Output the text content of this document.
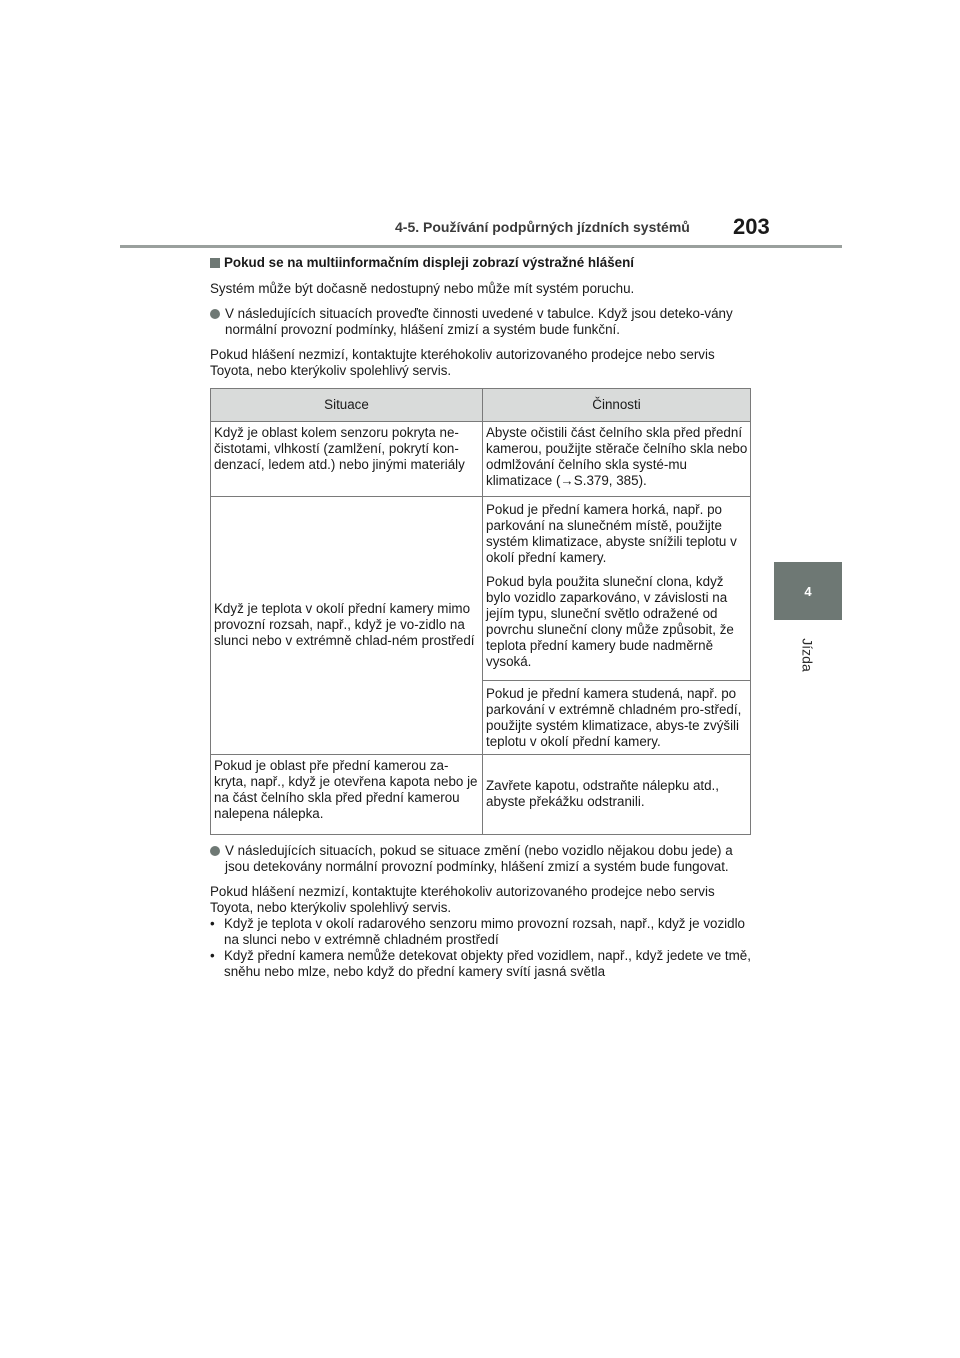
4-5. Používání podpůrných jízdních systémů 203
4
Jízda
Pokud se na multiinformačním displeji zobrazí výstražné hlášení

Systém může být dočasně nedostupný nebo může mít systém poruchu.

V následujících situacích proveďte činnosti uvedené v tabulce. Když jsou deteko-vány normální provozní podmínky, hlášení zmizí a systém bude funkční.

Pokud hlášení nezmizí, kontaktujte kteréhokoliv autorizovaného prodejce nebo servis Toyota, nebo kterýkoliv spolehlivý servis.

Situace	Činnosti
Když je oblast kolem senzoru pokryta ne-čistotami, vlhkostí (zamlžení, pokrytí kon-denzací, ledem atd.) nebo jinými materiály	Abyste očistili část čelního skla před přední kamerou, použijte stěrače čelního skla nebo odmlžování čelního skla systé-mu klimatizace (→S.379, 385).
Když je teplota v okolí přední kamery mimo provozní rozsah, např., když je vo-zidlo na slunci nebo v extrémně chlad-ném prostředí	Pokud je přední kamera horká, např. po parkování na slunečném místě, použijte systém klimatizace, abyste snížili teplotu v okolí přední kamery.
Pokud byla použita sluneční clona, když bylo vozidlo zaparkováno, v závislosti na jejím typu, sluneční světlo odražené od povrchu sluneční clony může způsobit, že teplota přední kamery bude nadměrně vysoká.
Pokud je přední kamera studená, např. po parkování v extrémně chladném pro-středí, použijte systém klimatizace, abys-te zvýšili teplotu v okolí přední kamery.

Pokud je oblast pře přední kamerou za-kryta, např., když je otevřena kapota nebo je na část čelního skla před přední kamerou nalepena nálepka.	Zavřete kapotu, odstraňte nálepku atd., abyste překážku odstranili.
V následujících situacích, pokud se situace změní (nebo vozidlo nějakou dobu jede) a jsou detekovány normální provozní podmínky, hlášení zmizí a systém bude fungovat.

Pokud hlášení nezmizí, kontaktujte kteréhokoliv autorizovaného prodejce nebo servis Toyota, nebo kterýkoliv spolehlivý servis.

• Když je teplota v okolí radarového senzoru mimo provozní rozsah, např., když je vozidlo na slunci nebo v extrémně chladném prostředí
• Když přední kamera nemůže detekovat objekty před vozidlem, např., když jedete ve tmě, sněhu nebo mlze, nebo když do přední kamery svítí jasná světla
